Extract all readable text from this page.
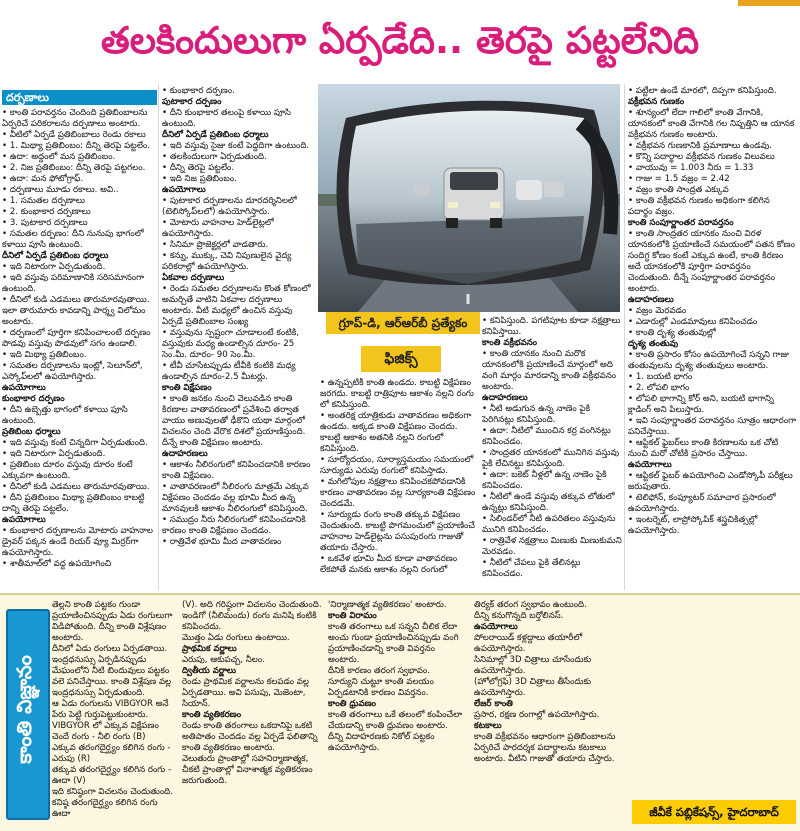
తలకిందులుగా ఏర్పడేది.. తెరపై పట్టలేనిది
దర్పణాలు
• కాంతి పరావర్తనం చెందింది ప్రతిబింబాలను ఏర్పరిచే పరికరాలను దర్పణాలు అంటారు.
• వీటిలో ఏర్పడే ప్రతిబింబాలు రెండు రకాలు
• 1. మిథ్యా ప్రతిబింబం: దీన్ని తెరపై పట్టలేం.
• ఉదా: అద్దంలో మన ప్రతిబింబం.
• 2. నిజ ప్రతిబింబం: దీన్ని తెరపై పట్టగలం.
• ఉదా: మన ఫోటోగ్రాఫ్.
• దర్పణాలు మూడు రకాలు. అవి..
• 1. సమతల దర్పణాలు
• 2. కుంభాకార దర్పణాలు
• 3. పుటాకార దర్పణాలు
• సమతల దర్పణం: దీని నునుపు భాగంలో కళాయి పూసి ఉంటుంది.
దీనిలో ఏర్పడే ప్రతిబింబ ధర్మాలు
• ఇది నిటారుగా ఏర్పడుతుంది.
• ఇది వస్తువు పరిమాణానికి సరిసమానంగా ఉంటుంది.
• దీనిలో కుడి ఎడమలు తారుమారవుతాయి. ఇలా తారుమారు కావడాన్ని పార్శ్వ విలోమం అంటారు.
• దర్పణంలో పూర్తిగా కనిపించాలంటే దర్పణం పొడవు వస్తువు పొడవులో సగం ఉండాలి.
• ఇది మిథ్యా ప్రతిబింబం.
• సమతల దర్పణాలను ఇంట్లో, సెలూన్‌లో, ఎస్కోప్‌లలో ఉపయోగిస్తారు.
ఉపయోగాలు
కుంభాకార దర్పణం
• దీని ఉబ్బెత్తు భాగంలో కళాయి పూసి ఉంటుంది.
ప్రతిబింబ ధర్మాలు
• ఇది వస్తువు కంటే చిన్నదిగా ఏర్పడుతుంది.
• ఇది నిటారుగా ఏర్పడుతుంది.
• ప్రతిబింబ దూరం వస్తువు దూరం కంటే ఎక్కువగా ఉంటుంది.
• దీనిలో కుడి ఎడమలు తారుమారవుతాయి.
• దీని ప్రతిబింబం మిథ్యా ప్రతిబింబం కాబట్టి దాన్ని తెరపై పట్టలేం.
ఉపయోగాలు
• కుంభాకార దర్పణాలను మోటారు వాహనాల డ్రైవర్ పక్కన ఉండే రియర్ వ్యూ మిర్రర్‌గా ఉపయోగిస్తారు.
• శాతీమాల్‌లో వద్ద ఉపయోగించి
• కుంభాకార దర్పణం.
పుటాకార దర్పణం
• దీని కుంభాకార తలంపై కళాయి పూసి ఉంటుంది.
దీనిలో ఏర్పడే ప్రతిబింబ ధర్మాలు
• ఇది వస్తువు సైజు కంటే పెద్దదిగా ఉంటుంది.
• తలకిందులుగా ఏర్పడుతుంది.
• దీన్ని తెరపై పట్టలేం.
• ఇది నిజ ప్రతిబింబం.
ఉపయోగాలు
• పుటాకార దర్పణాలను దూరదర్శినిలలో (టెలిస్కోప్‌లలో) ఉపయోగిస్తారు.
• మోటారు వాహనాల హెడ్‌లైట్లలో ఉపయోగిస్తారు.
• సినిమా ప్రొజెక్టర్లలో వాడతారు.
• కన్ను, ముక్కు, చెవి నిపుణులైన వైద్య పరికరాల్లో ఉపయోగిస్తారు.
ఏకవాల దర్పణాలు
• రెండు సమతల దర్పణాలను కొంత కోణంలో అమర్చితే వాటిని ఏకవాల దర్పణాలు అంటారు. వీటి మధ్యలో ఉంచిన వస్తువు ఏర్పడే ప్రతిబింబాల సంఖ్య
• వస్తువును స్పష్టంగా చూడాలంటే కంటికి, వస్తువుకు మధ్య ఉండాల్సిన దూరం- 25 సెం.మీ. దూరం- 90 సెం.మీ.
• టీవీ చూసేటప్పుడు టీవీకి కంటికి మధ్య ఉండాల్సిన దూరం-2.5 మీటర్లు.
కాంతి విక్షేపణం
• కాంతి జనకం నుంచి వెలువడిన కాంతి కిరణాల వాతావరణంలో ప్రవేశించి తర్వాత వాయు అణువులతో ఢీకొని యథా మార్గంలో విచలనం చెంది వేరొక దిశలో ప్రయాణిస్తుంది. దీన్నే కాంతి విక్షేపణం అంటారు.
ఉదాహరణలు
• ఆకాశం నీలిరంగులో కనిపించడానికి కారణం కాంతి విక్షేపణం.
• వాతావరణంలో నీలిరంగు మాత్రమే ఎక్కువ విక్షేపణం చెందడం వల్ల భూమి మీద ఉన్న మానవులకి ఆకాశం నీలిరంగులో కనిపిస్తుంది.
• సముద్రం నీరు నీలిరంగులో కనిపించడానికి కారణం కాంతి విక్షేపణం చెందడం.
• రాత్రివేళ భూమి మీద వాతావరణం
గ్రూప్-డి, ఆర్ఆర్‌బీ ప్రత్యేకం
ఫిజిక్స్
• ఉన్నప్పటికీ కాంతి ఉండదు. కాబట్టి విక్షేపణం జరగదు. కాబట్టి రాత్రిపూట ఆకాశం నల్లని రంగు లో కనిపిస్తుంది.
• అంతరిక్ష యాత్రికుడు వాతావరణం అధికంగా ఉండదు. అక్కడ కాంతి విక్షేపణం చెందదు. కాబట్టి ఆకాశం అతనికి నల్లని రంగులో కనిపిస్తుంది.
• సూర్యోదయం, సూర్యాస్తమయం సమయంలో సూర్యుడు ఎరుపు రంగులో కనిపిస్తాడు.
• మగిలోపుల నక్షత్రాలు కనిపించకపోవడానికి కారణం వాతావరణం వల్ల సూర్యకాంతి విక్షేపణం చెందడమే.
• సూర్యుడు రంగు కాంతి తక్కువ విక్షేపణం చెందుతుంది. కాబట్టి పొగమంచులో ప్రయాణించే వాహనాల హెడ్‌లైట్లను పసుపురంగు గాజుతో తయారు చేస్తారు.
• ఒకవేళ భూమి మీద కూడా వాతావరణం లేకపోతే మనకు ఆకాశం నల్లని రంగులో
• కనిపిస్తుంది. పగటిపూట కూడా నక్షత్రాలు కనిపిస్తాయి.
కాంతి వక్రీభవనం
• కాంతి యానకం నుంచి మరొక యానకంలోకి ప్రయాణించే మార్గంలో అది వంగి మార్గం మారడాన్ని కాంతి వక్రీభవనం అంటారు.
ఉదాహరణలు
• నీటి అడుగున ఉన్న నాణెం పైకి పెరిగినట్లు కనిపిస్తుంది.
• ఉదా: నీటిలో ముంచిన కర్ర వంగినట్లు కనిపించడం.
• సాంద్రతర యానకంలో మునిగిన వస్తువు పైకి లేచినట్టు కనిపిస్తుంది.
• ఉదా: బకెట్ నీళ్లలో ఉన్న నాణెం పైకి కనిపించడం.
• నీటిలో ఉండే వస్తువు తక్కువ లోతులో ఉన్నట్లు కనిపిస్తుంది.
• సిలిండర్‌లో నీటి ఉపరితలం వస్తువును మునిగి కనిపించడం.
• రాత్రివేళ నక్షత్రాలు మిణుకు మిణుకుమని మెరవడం.
• నీటిలో చేపలు పైకి తేలినట్లు కనిపించడం.
• పట్టీలా ఉండే మారలో, దిప్పగా కనిపిస్తుంది.
వక్రీభవన గుణకం
• శూన్యంలో లేదా గాలిలో కాంతి వేగానికి, యానకంలో కాంతి వేగానికి గల నిష్పత్తిని ఆ యానక వక్రీభవన గుణకం అంటారు.
• వక్రీభవన గుణకానికి ప్రమాణాలు ఉండవు.
• కొన్ని పదార్థాల వక్రీభవన గుణకం విలువలు
• వాయువు = 1.003 నీరు = 1.33
• గాజు = 1.5 వజ్రం = 2.42
• వజ్రం కాంతి సాంద్రత ఎక్కువ
• కాంతి వక్రీభవన గుణకం అధికంగా కలిగిన పదార్థం వజ్రం.
కాంతి సంపూర్ణాంతర పరావర్తనం
• కాంతి సాంద్రతర యానకం నుంచి విరళ యానకంలోకి ప్రయాణించే సమయంలో పతన కోణం సందిగ్ధ కోణం కంటే ఎక్కువ ఉంటే, కాంతి కిరణం అదే యానకంలోకి పూర్తిగా పరావర్తనం చెందుతుంది. దీన్నే సంపూర్ణాంతర పరావర్తనం అంటారు.
ఉదాహరణలు
• వజ్రం మెరవడం
• ఎడారుల్లో ఎండమావులు కనిపించడం
• కాంతి దృశ్య తంతువుల్లో
దృశ్య తంతువు
• కాంతి ప్రసారం కోసం ఉపయోగించే సన్నని గాజు తంతువులను దృశ్య తంతువులు అంటారు.
• 1. బయటి భాగం
• 2. లోపలి భాగం
• లోపలి భాగాన్ని కోర్ అని, బయటి భాగాన్ని క్లాడింగ్ అని పిలుస్తారు.
• ఇవి సంపూర్ణాంతర పరావర్తనం సూత్రం ఆధారంగా పనిచేస్తాయి.
• ఆప్టికల్ ఫైబర్‌లు కాంతి కిరణాలను ఒక చోటి నుంచి మరో చోటికి ప్రసారం చేస్తాయి.
ఉపయోగాలు
• ఆప్టికల్ ఫైబర్ ఉపయోగించి ఎండోస్కోపీ పరీక్షలు జరుపుతారు.
• టెలిఫోన్, కంప్యూటర్ సమాచార ప్రసారంలో ఉపయోగిస్తారు.
• ఇంటర్నెట్, లాప్రోస్కోపిక్ శస్త్రచికిత్సల్లో ఉపయోగిస్తారు.
కాంతి విజ్ఞానం
తెల్లని కాంతి పట్టకం గుండా ప్రయాణించినప్పుడు ఏడు రంగులుగా విడిపోతుంది. దీన్ని కాంతి విశ్లేషణం అంటారు.
దీనిలో ఏడు రంగులు ఏర్పడతాయి.
ఇంద్రధనుస్సు ఏర్పడినప్పుడు మేఘంలోని నీటి బిందువులు పట్టకం వలె పనిచేస్తాయి. కాంతి విశ్లేషణ వల్ల ఇంద్రధనుస్సు ఏర్పడుతుంది.
ఆ ఏడు రంగులను VIBGYOR అనే పేరు పెట్టి గుర్తుపెట్టుకుంటారు.
VIBGYOR లో ఎక్కువ విక్షేపణం చెందే రంగు - నీలి రంగు (B)
ఎక్కువ తరంగదైర్ఘ్యం కలిగిన రంగు - ఎరుపు (R)
తక్కువ తరంగదైర్ఘ్యం కలిగిన రంగు - ఊదా (V)
ఇది కనిష్ఠంగా విచలనం చెందుతుంది.
కనిష్ఠ తరంగదైర్ఘ్యం కలిగిన రంగు ఊదా
(V). అది గరిష్ఠంగా విచలనం చెందుతుంది.
ఇండిగో (నీలిమందు) రంగు మనిషి కంటికి కనిపించదు.
మొత్తం ఏడు రంగులు ఉంటాయి.
ప్రాథమిక వర్ణాలు
ఎరుపు, ఆకుపచ్చ, నీలం.
ద్వితీయ వర్ణాలు
రెండు ప్రాథమిక వర్ణాలను కలపడం వల్ల ఏర్పడతాయి. అవి పసుపు, మెజెంటా, సియాన్.
కాంతి వ్యతికరణం
రెండు కాంతి తరంగాలు ఒకదానిపై ఒకటి అతిపాతం చెందడం వల్ల ఏర్పడే ఫలితాన్ని కాంతి వ్యతికరణం అంటారు.
వెలుతురు ప్రాంతాల్లో సహనిర్మాణాత్మక, చీకటి ప్రాంతాల్లో వినాశాత్మక వ్యతికరణం జరుగుతుంది.
'నిర్మాణాత్మక వ్యతికరణం' అంటారు.
కాంతి విరామం
కాంతి తరంగాలు ఒక సన్నని చీలిక లేదా అంచు గుండా ప్రయాణించినప్పుడు వంగి ప్రయాణించడాన్ని కాంతి వివర్తనం అంటారు.
దీనికి కారణం తరంగ స్వభావం.
సూర్యుని చుట్టూ కాంతి వలయం ఏర్పడటానికి కారణం వివర్తనం.
కాంతి ధ్రువణం
కాంతి తరంగాలు ఒకే తలంలో కంపించేలా చేయడాన్ని కాంతి ధ్రువణం అంటారు.
దీన్ని విదాహరణకు నికోల్ పట్టకం ఉపయోగిస్తారు.
తిర్యక్ తరంగ స్వభావం ఉంటుంది.
దీన్ని కనుగొన్నది బర్తోలినస్.
ఉపయోగాలు
పోలరాయిడ్ కళ్లద్దాలు తయారీలో ఉపయోగిస్తారు.
సినిమాల్లో 3D చిత్రాలు చూసేందుకు ఉపయోగిస్తారు.
(హోలోగ్రఫి) 3D చిత్రాలు తీసేందుకు ఉపయోగిస్తారు.
లేజర్ కాంతి
ప్రసార, రక్షణ రంగాల్లో ఉపయోగిస్తారు.
కటకాలు
కాంతి వక్రీభవనం ఆధారంగా ప్రతిబింబాలను ఏర్పరిచే పారదర్శక పదార్థాలను కటకాలు అంటారు. వీటిని గాజుతో తయారు చేస్తారు.
జీవీకే పబ్లికేషన్స్, హైదరాబాద్
